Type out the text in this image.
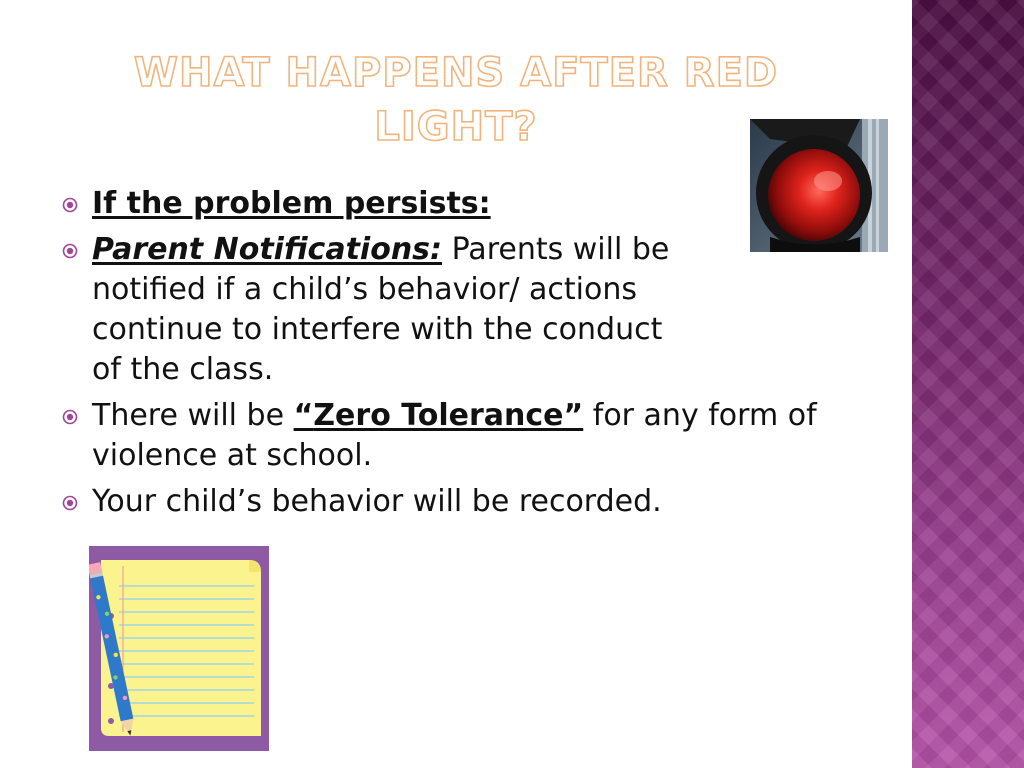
WHAT HAPPENS AFTER RED LIGHT?
If the problem persists:
Parent Notifications: Parents will be notified if a child’s behavior/ actions continue to interfere with the conduct of the class.
There will be “Zero Tolerance” for any form of violence at school.
Your child’s behavior will be recorded.
